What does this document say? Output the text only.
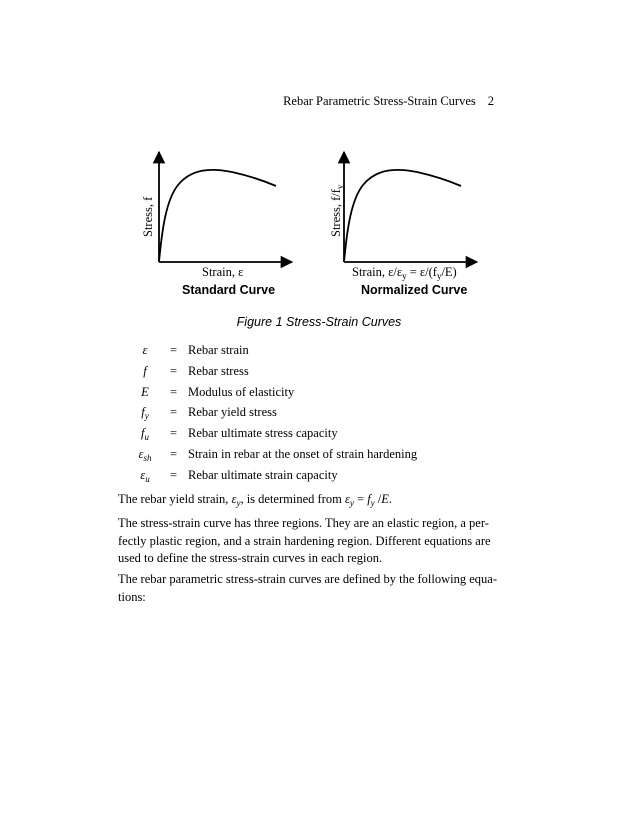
Rebar Parametric Stress-Strain Curves 2
Stress, f	Stress, $f/f_y$
Strain, ε	Strain, $\varepsilon/\varepsilon_y = \varepsilon/(f_y/E)$
Standard Curve	Normalized Curve
Figure 1 Stress-Strain Curves
ε	= Rebar strain
f	= Rebar stress
E	= Modulus of elasticity
$f_y$	= Rebar yield stress
$f_u$	= Rebar ultimate stress capacity
$\varepsilon_{sh}$	= Strain in rebar at the onset of strain hardening
$\varepsilon_u$	= Rebar ultimate strain capacity

The rebar yield strain, $\varepsilon_y$, is determined from $\varepsilon_y = f_y$ /E.

The stress-strain curve has three regions. They are an elastic region, a per-
fectly plastic region, and a strain hardening region. Different equations are
used to define the stress-strain curves in each region.
The rebar parametric stress-strain curves are defined by the following equa-
tions:
